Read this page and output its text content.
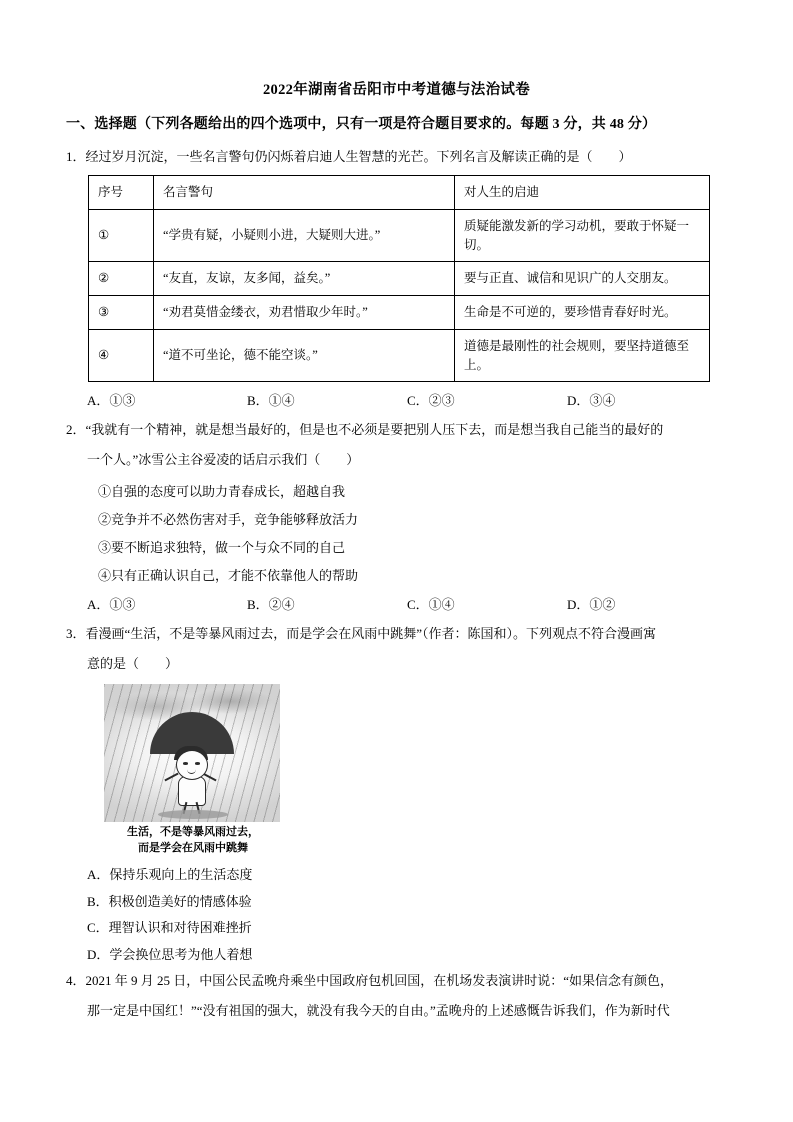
2022年湖南省岳阳市中考道德与法治试卷
一、选择题（下列各题给出的四个选项中，只有一项是符合题目要求的。每题 3 分，共 48 分）
1．经过岁月沉淀，一些名言警句仍闪烁着启迪人生智慧的光芒。下列名言及解读正确的是（　　）
序号	名言警句	对人生的启迪
①	“学贵有疑，小疑则小进，大疑则大进。”	质疑能激发新的学习动机，要敢于怀疑一切。
②	“友直，友谅，友多闻，益矣。”	要与正直、诚信和见识广的人交朋友。
③	“劝君莫惜金缕衣，劝君惜取少年时。”	生命是不可逆的，要珍惜青春好时光。
④	“道不可坐论，德不能空谈。”	道德是最刚性的社会规则，要坚持道德至上。
A．①③	B．①④	C．②③	D．③④
2．“我就有一个精神，就是想当最好的，但是也不必须是要把别人压下去，而是想当我自己能当的最好的
一个人。”冰雪公主谷爱凌的话启示我们（　　）
①自强的态度可以助力青春成长，超越自我
②竞争并不必然伤害对手，竞争能够释放活力
③要不断追求独特，做一个与众不同的自己
④只有正确认识自己，才能不依靠他人的帮助
A．①③	B．②④	C．①④	D．①②
3．看漫画“生活，不是等暴风雨过去，而是学会在风雨中跳舞”（作者：陈国和）。下列观点不符合漫画寓
意的是（　　）
生活，不是等暴风雨过去，
而是学会在风雨中跳舞
A．保持乐观向上的生活态度
B．积极创造美好的情感体验
C．理智认识和对待困难挫折
D．学会换位思考为他人着想
4．2021 年 9 月 25 日，中国公民孟晚舟乘坐中国政府包机回国，在机场发表演讲时说：“如果信念有颜色，
那一定是中国红！”“没有祖国的强大，就没有我今天的自由。”孟晚舟的上述感慨告诉我们，作为新时代
